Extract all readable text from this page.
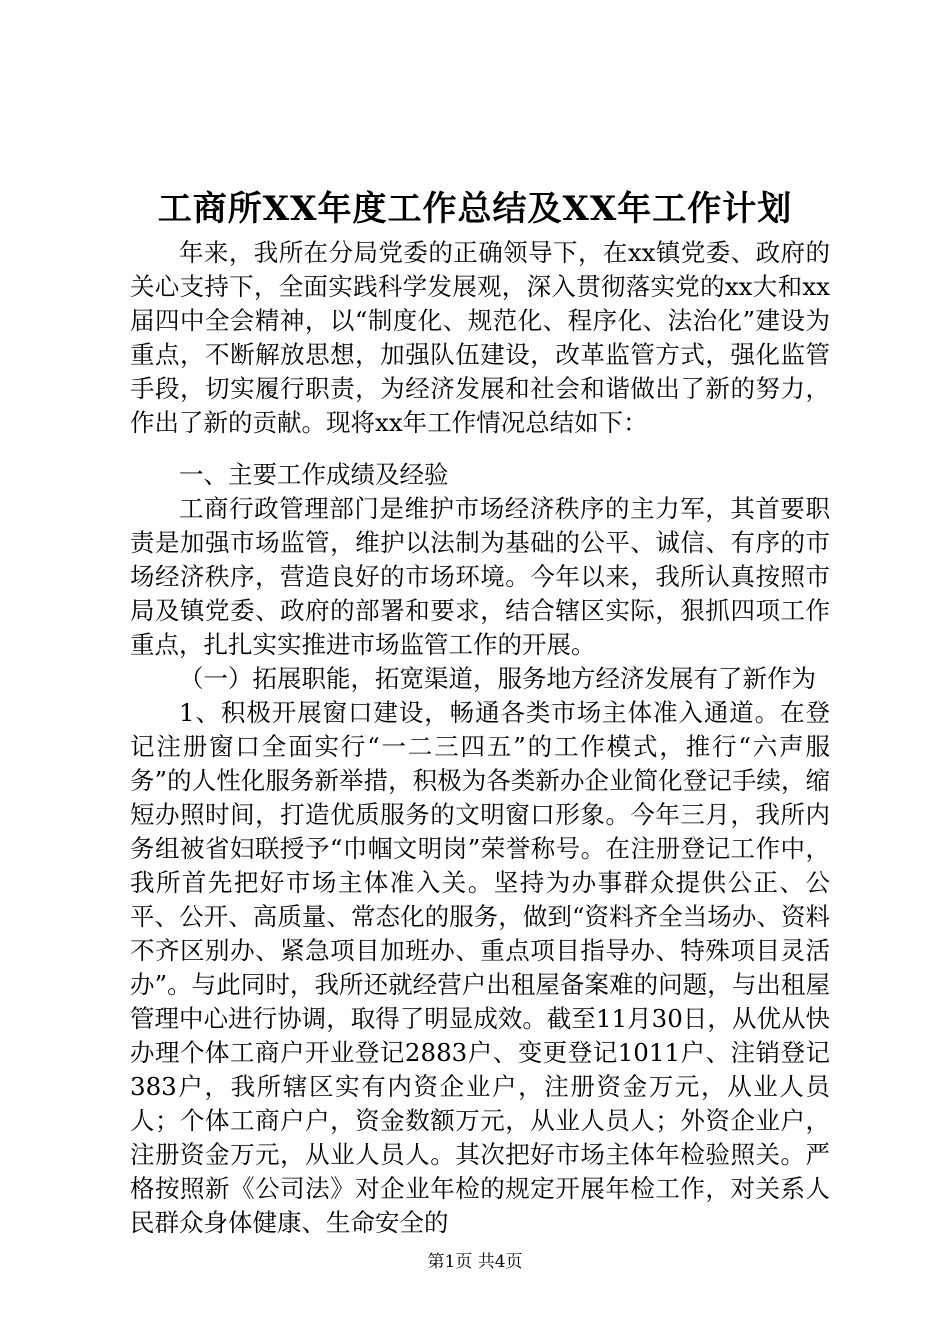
工商所XX年度工作总结及XX年工作计划

年来，我所在分局党委的正确领导下，在xx镇党委、政府的关心支持下，全面实践科学发展观，深入贯彻落实党的xx大和xx届四中全会精神，以“制度化、规范化、程序化、法治化”建设为重点，不断解放思想，加强队伍建设，改革监管方式，强化监管手段，切实履行职责，为经济发展和社会和谐做出了新的努力，作出了新的贡献。现将xx年工作情况总结如下：

一、主要工作成绩及经验

工商行政管理部门是维护市场经济秩序的主力军，其首要职责是加强市场监管，维护以法制为基础的公平、诚信、有序的市场经济秩序，营造良好的市场环境。今年以来，我所认真按照市局及镇党委、政府的部署和要求，结合辖区实际，狠抓四项工作重点，扎扎实实推进市场监管工作的开展。

（一）拓展职能，拓宽渠道，服务地方经济发展有了新作为

1、积极开展窗口建设，畅通各类市场主体准入通道。在登记注册窗口全面实行“一二三四五”的工作模式，推行“六声服务”的人性化服务新举措，积极为各类新办企业简化登记手续，缩短办照时间，打造优质服务的文明窗口形象。今年三月，我所内务组被省妇联授予“巾帼文明岗”荣誉称号。在注册登记工作中，我所首先把好市场主体准入关。坚持为办事群众提供公正、公平、公开、高质量、常态化的服务，做到“资料齐全当场办、资料不齐区别办、紧急项目加班办、重点项目指导办、特殊项目灵活办”。与此同时，我所还就经营户出租屋备案难的问题，与出租屋管理中心进行协调，取得了明显成效。截至11月30日，从优从快办理个体工商户开业登记2883户、变更登记1011户、注销登记383户，我所辖区实有内资企业户，注册资金万元，从业人员人；个体工商户户，资金数额万元，从业人员人；外资企业户，注册资金万元，从业人员人。其次把好市场主体年检验照关。严格按照新《公司法》对企业年检的规定开展年检工作，对关系人民群众身体健康、生命安全的

第1页 共4页
